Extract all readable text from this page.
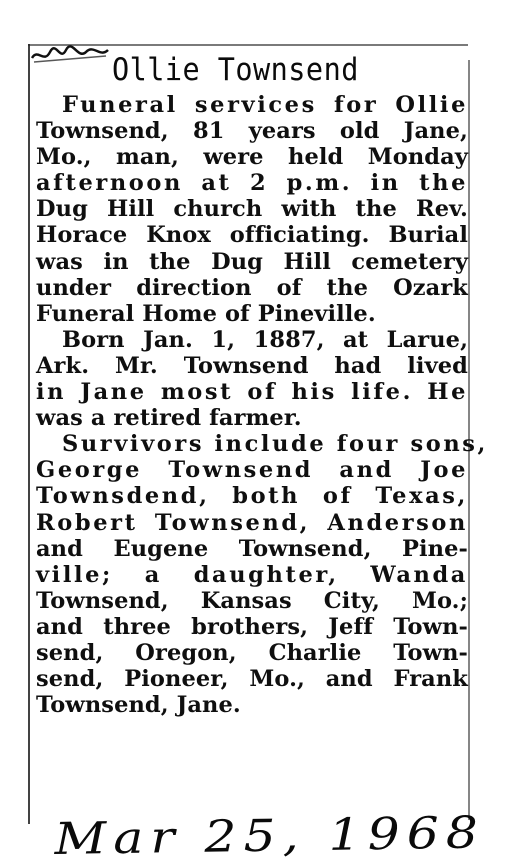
Ollie Townsend
Funeral services for Ollie
Townsend, 81 years old Jane,
Mo., man, were held Monday
afternoon at 2 p.m. in the
Dug Hill church with the Rev.
Horace Knox officiating. Burial
was in the Dug Hill cemetery
under direction of the Ozark
Funeral Home of Pineville.
Born Jan. 1, 1887, at Larue,
Ark. Mr. Townsend had lived
in Jane most of his life. He
was a retired farmer.
Survivors include four sons,
George Townsend and Joe
Townsdend, both of Texas,
Robert Townsend, Anderson
and Eugene Townsend, Pine-
ville; a daughter, Wanda
Townsend, Kansas City, Mo.;
and three brothers, Jeff Town-
send, Oregon, Charlie Town-
send, Pioneer, Mo., and Frank
Townsend, Jane.
Mar 25, 1968
